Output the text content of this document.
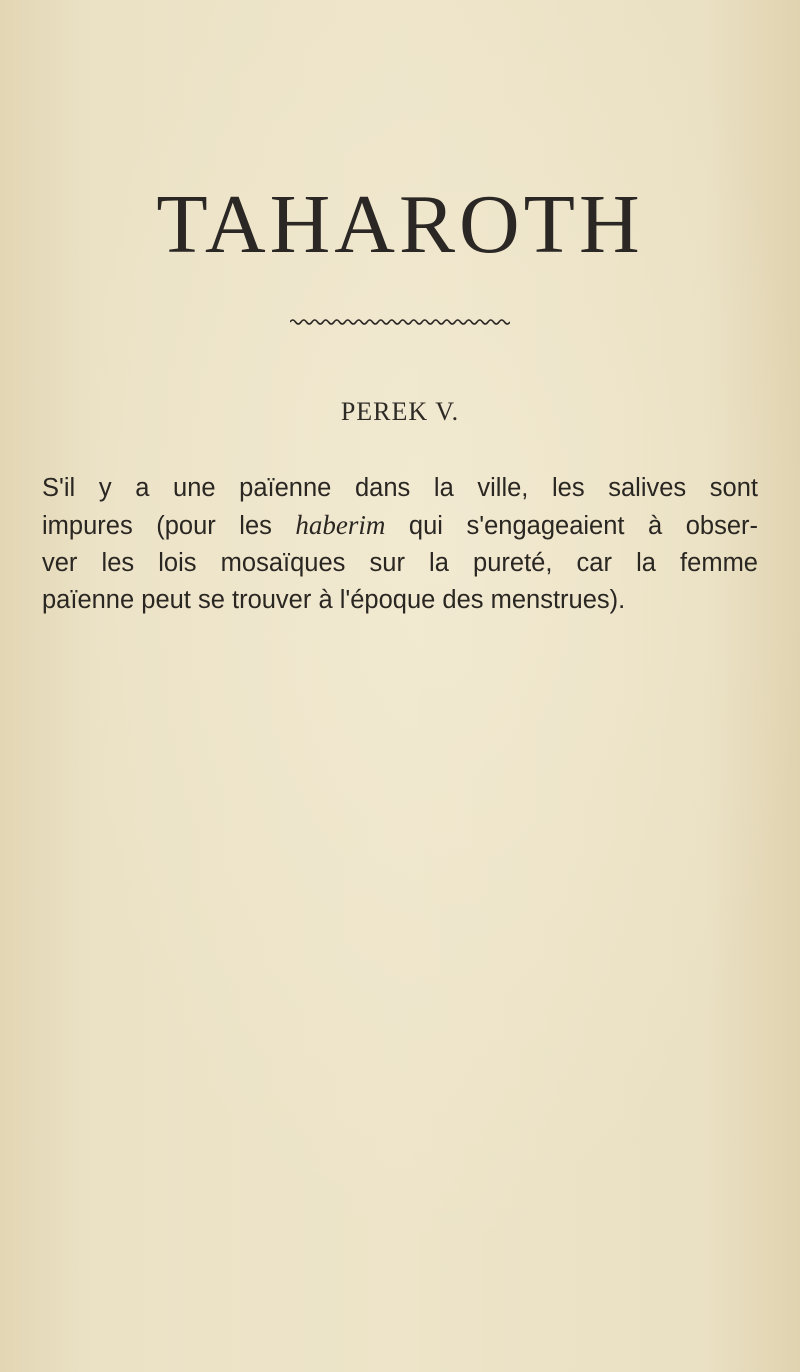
TAHAROTH
PEREK V.
S'il y a une païenne dans la ville, les salives sont
impures (pour les haberim qui s'engageaient à obser-
ver les lois mosaïques sur la pureté, car la femme
païenne peut se trouver à l'époque des menstrues).
